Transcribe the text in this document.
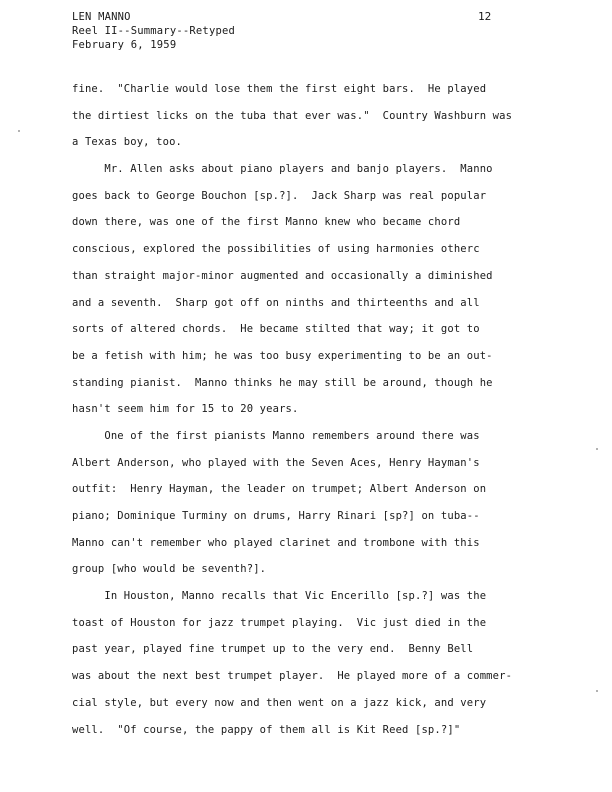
LEN MANNO
Reel II--Summary--Retyped
February 6, 1959
12
fine.  "Charlie would lose them the first eight bars.  He played
the dirtiest licks on the tuba that ever was."  Country Washburn was
a Texas boy, too.
Mr. Allen asks about piano players and banjo players.  Manno
goes back to George Bouchon [sp.?].  Jack Sharp was real popular
down there, was one of the first Manno knew who became chord
conscious, explored the possibilities of using harmonies otherc
than straight major-minor augmented and occasionally a diminished
and a seventh.  Sharp got off on ninths and thirteenths and all
sorts of altered chords.  He became stilted that way; it got to
be a fetish with him; he was too busy experimenting to be an out-
standing pianist.  Manno thinks he may still be around, though he
hasn't seem him for 15 to 20 years.
One of the first pianists Manno remembers around there was
Albert Anderson, who played with the Seven Aces, Henry Hayman's
outfit:  Henry Hayman, the leader on trumpet; Albert Anderson on
piano; Dominique Turminy on drums, Harry Rinari [sp?] on tuba--
Manno can't remember who played clarinet and trombone with this
group [who would be seventh?].
In Houston, Manno recalls that Vic Encerillo [sp.?] was the
toast of Houston for jazz trumpet playing.  Vic just died in the
past year, played fine trumpet up to the very end.  Benny Bell
was about the next best trumpet player.  He played more of a commer-
cial style, but every now and then went on a jazz kick, and very
well.  "Of course, the pappy of them all is Kit Reed [sp.?]"
